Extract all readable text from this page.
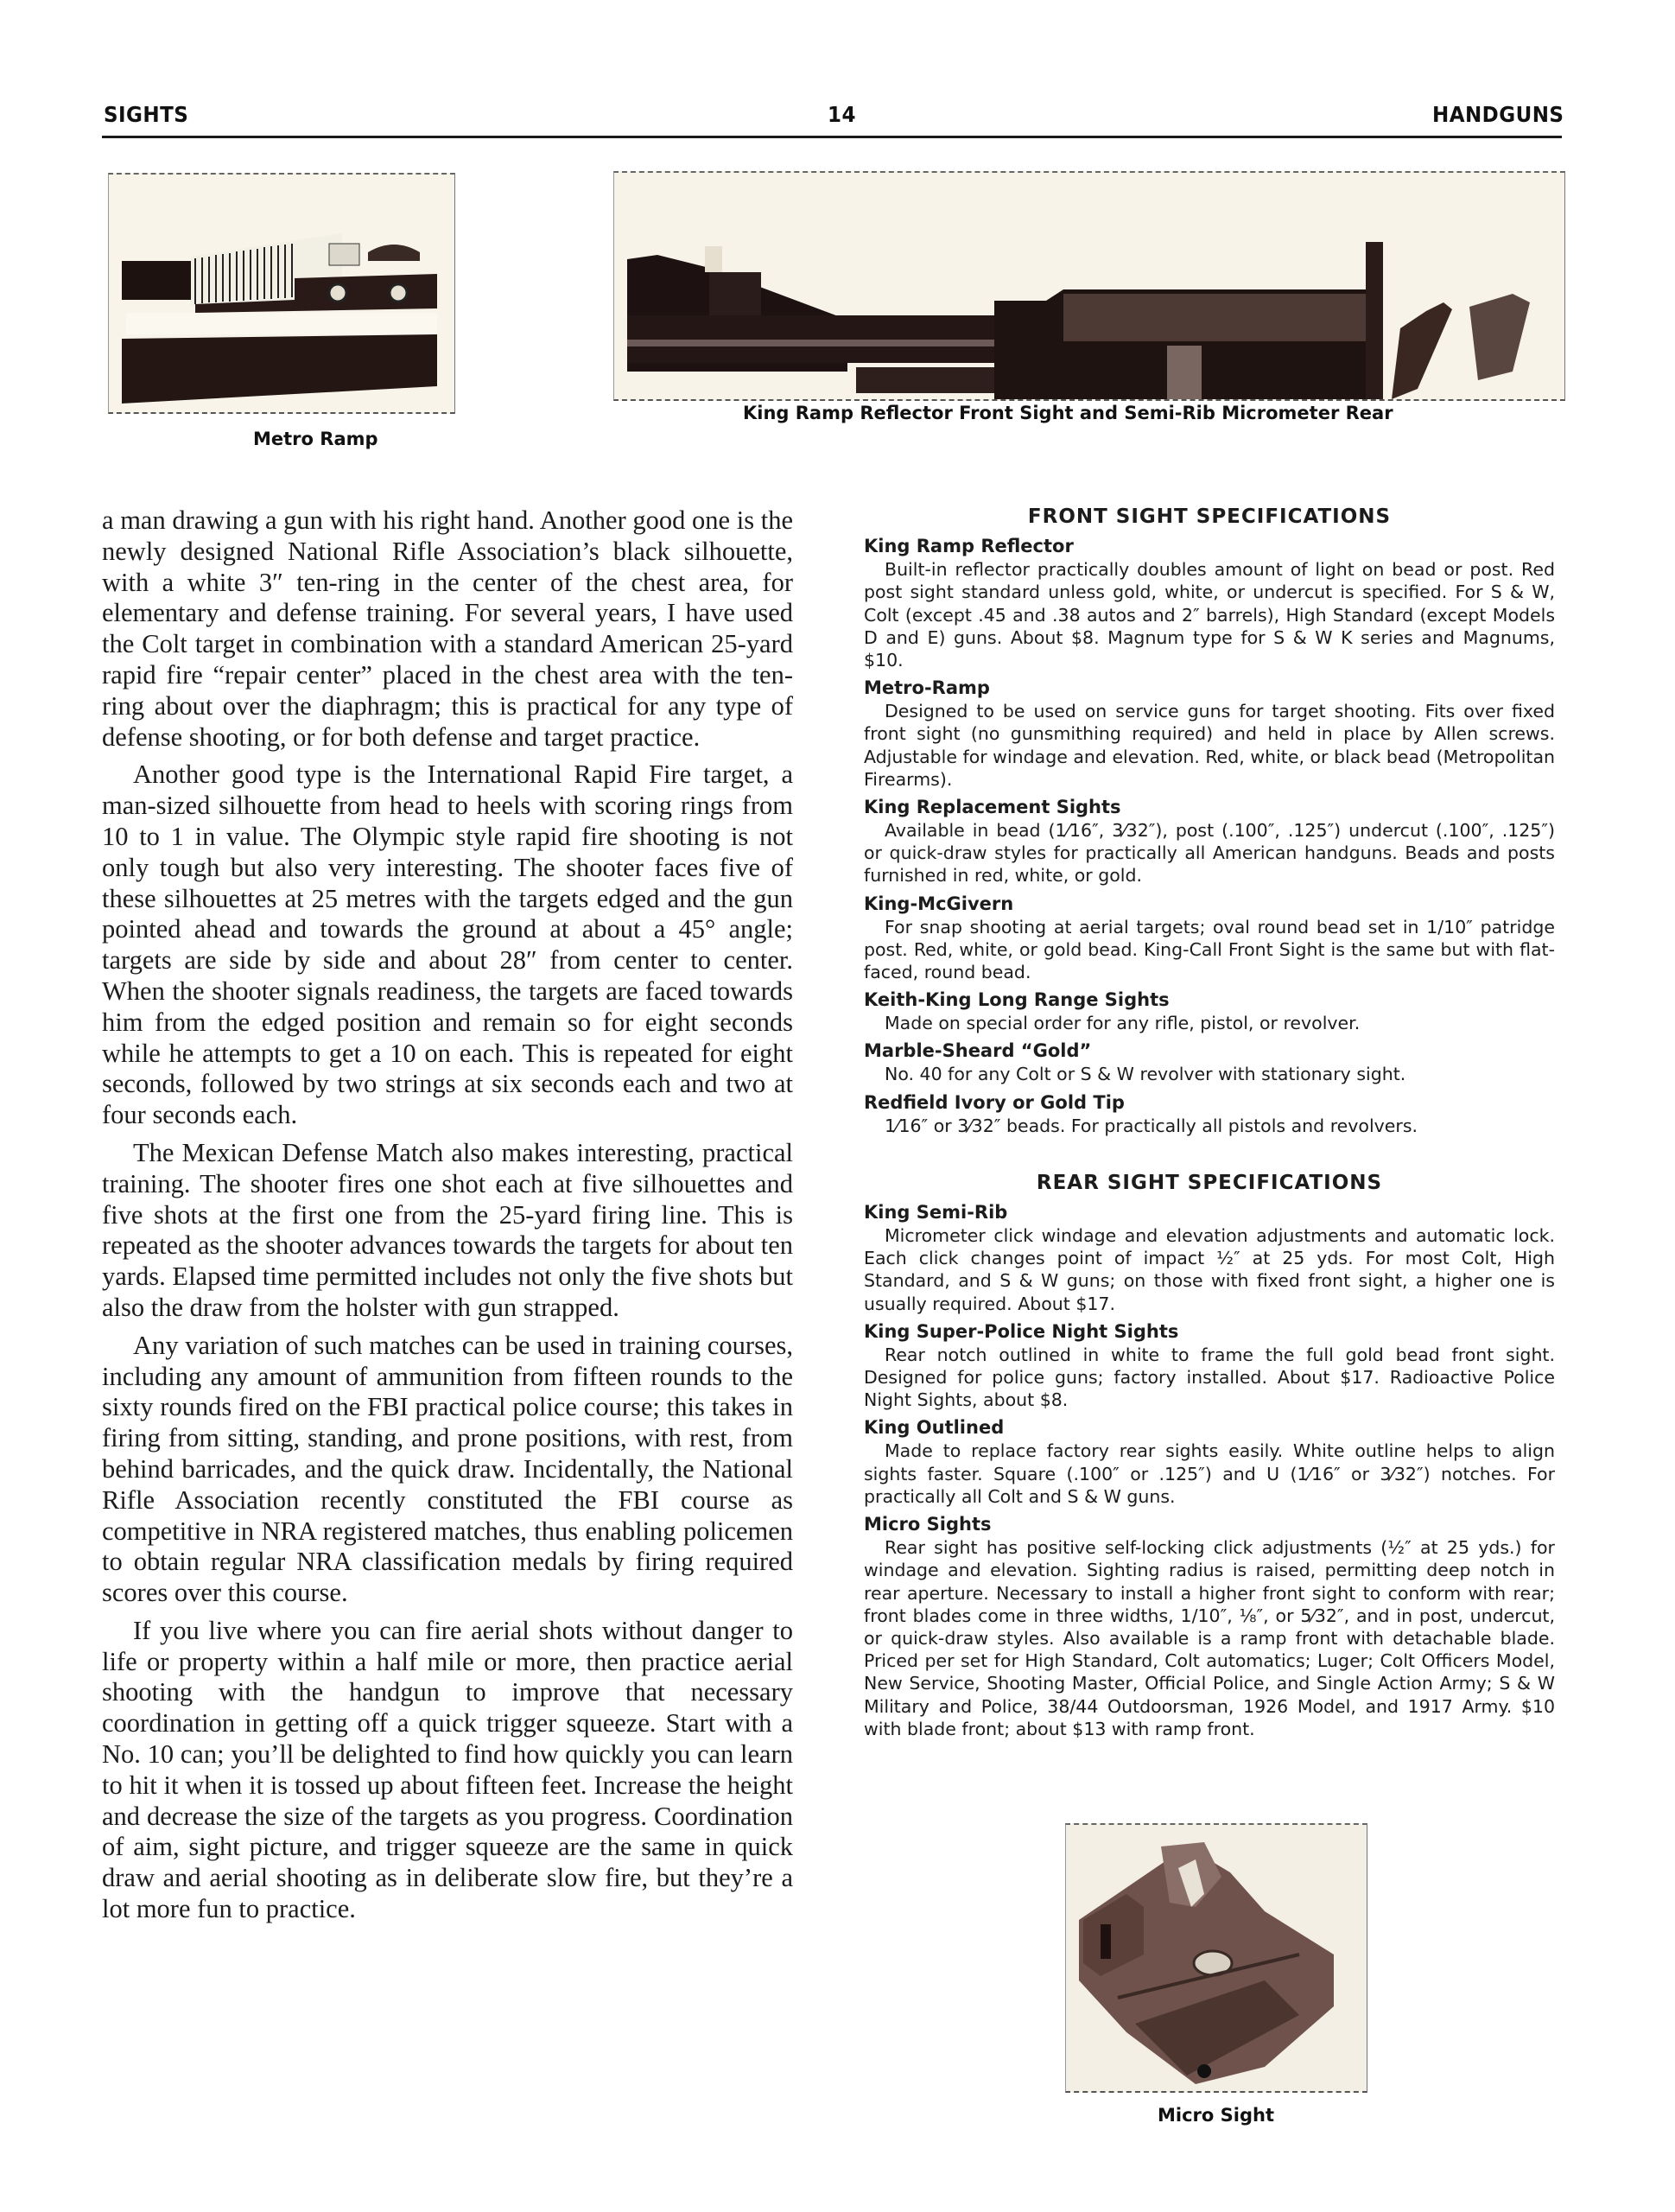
SIGHTS	14	HANDGUNS
Metro Ramp
King Ramp Reflector Front Sight and Semi-Rib Micrometer Rear

a man drawing a gun with his right hand. Another good one is the newly designed National Rifle Association’s black silhouette, with a white 3″ ten-ring in the center of the chest area, for elementary and defense training. For several years, I have used the Colt target in combination with a standard American 25-yard rapid fire “repair center” placed in the chest area with the ten-ring about over the diaphragm; this is practical for any type of defense shooting, or for both defense and target practice.

Another good type is the International Rapid Fire target, a man-sized silhouette from head to heels with scoring rings from 10 to 1 in value. The Olympic style rapid fire shooting is not only tough but also very interesting. The shooter faces five of these silhouettes at 25 metres with the targets edged and the gun pointed ahead and towards the ground at about a 45° angle; targets are side by side and about 28″ from center to center. When the shooter signals readiness, the targets are faced towards him from the edged position and remain so for eight seconds while he attempts to get a 10 on each. This is repeated for eight seconds, followed by two strings at six seconds each and two at four seconds each.

The Mexican Defense Match also makes interesting, practical training. The shooter fires one shot each at five silhouettes and five shots at the first one from the 25-yard firing line. This is repeated as the shooter advances towards the targets for about ten yards. Elapsed time permitted includes not only the five shots but also the draw from the holster with gun strapped.

Any variation of such matches can be used in training courses, including any amount of ammunition from fifteen rounds to the sixty rounds fired on the FBI practical police course; this takes in firing from sitting, standing, and prone positions, with rest, from behind barricades, and the quick draw. Incidentally, the National Rifle Association recently constituted the FBI course as competitive in NRA registered matches, thus enabling policemen to obtain regular NRA classification medals by firing required scores over this course.

If you live where you can fire aerial shots without danger to life or property within a half mile or more, then practice aerial shooting with the handgun to improve that necessary coordination in getting off a quick trigger squeeze. Start with a No. 10 can; you’ll be delighted to find how quickly you can learn to hit it when it is tossed up about fifteen feet. Increase the height and decrease the size of the targets as you progress. Coordination of aim, sight picture, and trigger squeeze are the same in quick draw and aerial shooting as in deliberate slow fire, but they’re a lot more fun to practice.

FRONT SIGHT SPECIFICATIONS
King Ramp Reflector
Built-in reflector practically doubles amount of light on bead or post. Red post sight standard unless gold, white, or undercut is specified. For S & W, Colt (except .45 and .38 autos and 2″ barrels), High Standard (except Models D and E) guns. About $8. Magnum type for S & W K series and Magnums, $10.
Metro-Ramp
Designed to be used on service guns for target shooting. Fits over fixed front sight (no gunsmithing required) and held in place by Allen screws. Adjustable for windage and elevation. Red, white, or black bead (Metropolitan Firearms).
King Replacement Sights
Available in bead (1⁄16″, 3⁄32″), post (.100″, .125″) undercut (.100″, .125″) or quick-draw styles for practically all American handguns. Beads and posts furnished in red, white, or gold.
King-McGivern
For snap shooting at aerial targets; oval round bead set in 1/10″ patridge post. Red, white, or gold bead. King-Call Front Sight is the same but with flat-faced, round bead.
Keith-King Long Range Sights
Made on special order for any rifle, pistol, or revolver.
Marble-Sheard “Gold”
No. 40 for any Colt or S & W revolver with stationary sight.
Redfield Ivory or Gold Tip
1⁄16″ or 3⁄32″ beads. For practically all pistols and revolvers.
REAR SIGHT SPECIFICATIONS
King Semi-Rib
Micrometer click windage and elevation adjustments and automatic lock. Each click changes point of impact ½″ at 25 yds. For most Colt, High Standard, and S & W guns; on those with fixed front sight, a higher one is usually required. About $17.
King Super-Police Night Sights
Rear notch outlined in white to frame the full gold bead front sight. Designed for police guns; factory installed. About $17. Radioactive Police Night Sights, about $8.
King Outlined
Made to replace factory rear sights easily. White outline helps to align sights faster. Square (.100″ or .125″) and U (1⁄16″ or 3⁄32″) notches. For practically all Colt and S & W guns.
Micro Sights
Rear sight has positive self-locking click adjustments (½″ at 25 yds.) for windage and elevation. Sighting radius is raised, permitting deep notch in rear aperture. Necessary to install a higher front sight to conform with rear; front blades come in three widths, 1/10″, ⅛″, or 5⁄32″, and in post, undercut, or quick-draw styles. Also available is a ramp front with detachable blade. Priced per set for High Standard, Colt automatics; Luger; Colt Officers Model, New Service, Shooting Master, Official Police, and Single Action Army; S & W Military and Police, 38/44 Outdoorsman, 1926 Model, and 1917 Army. $10 with blade front; about $13 with ramp front.
Micro Sight
